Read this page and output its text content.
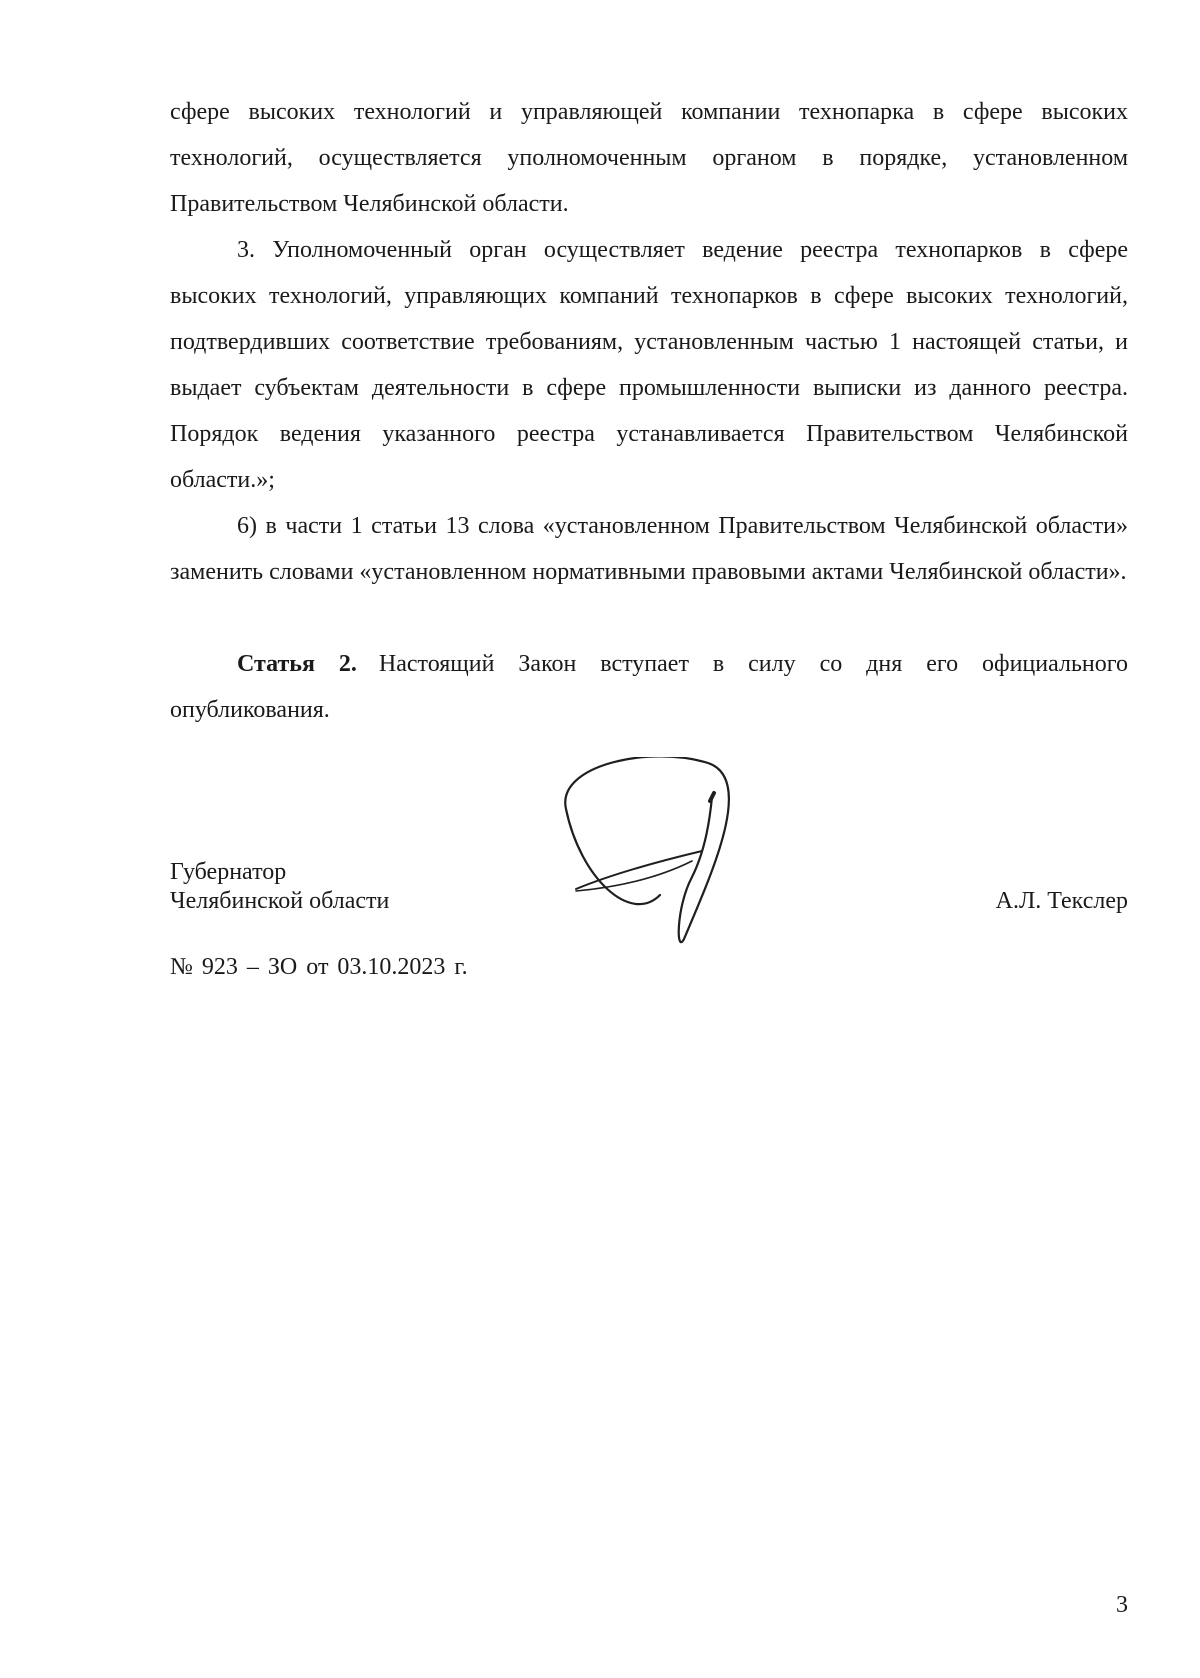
сфере высоких технологий и управляющей компании технопарка в сфере высоких технологий, осуществляется уполномоченным органом в порядке, установленном Правительством Челябинской области.

3. Уполномоченный орган осуществляет ведение реестра технопарков в сфере высоких технологий, управляющих компаний технопарков в сфере высоких технологий, подтвердивших соответствие требованиям, установленным частью 1 настоящей статьи, и выдает субъектам деятельности в сфере промышленности выписки из данного реестра. Порядок ведения указанного реестра устанавливается Правительством Челябинской области.»;

6) в части 1 статьи 13 слова «установленном Правительством Челябинской области» заменить словами «установленном нормативными правовыми актами Челябинской области».

Статья 2. Настоящий Закон вступает в силу со дня его официального опубликования.

Губернатор
Челябинской области	А.Л. Текслер
№ 923 – ЗО от 03.10.2023 г.
3
